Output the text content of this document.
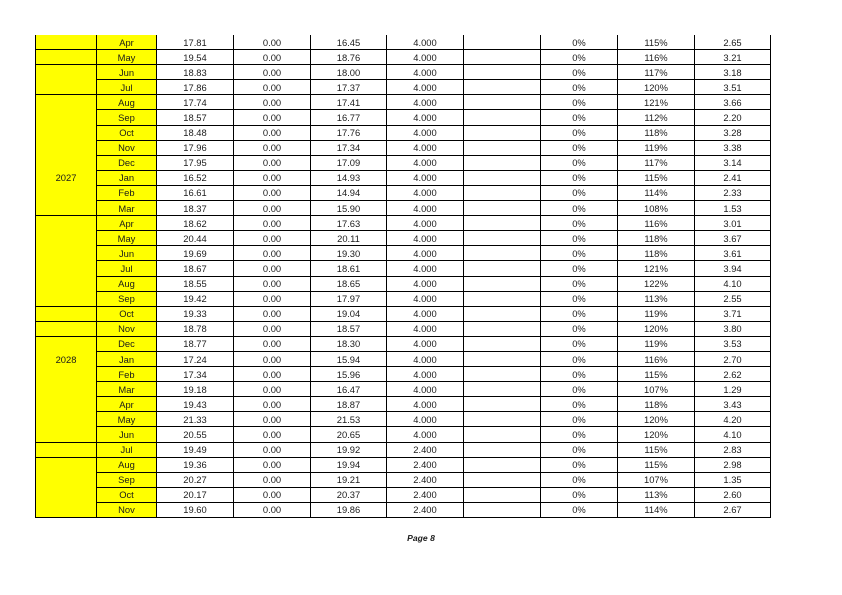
	Apr	17.81	0.00	16.45	4.000		0%	115%	2.65
	May	19.54	0.00	18.76	4.000		0%	116%	3.21
	Jun	18.83	0.00	18.00	4.000		0%	117%	3.18
	Jul	17.86	0.00	17.37	4.000		0%	120%	3.51
	Aug	17.74	0.00	17.41	4.000		0%	121%	3.66
	Sep	18.57	0.00	16.77	4.000		0%	112%	2.20
	Oct	18.48	0.00	17.76	4.000		0%	118%	3.28
	Nov	17.96	0.00	17.34	4.000		0%	119%	3.38
	Dec	17.95	0.00	17.09	4.000		0%	117%	3.14
2027	Jan	16.52	0.00	14.93	4.000		0%	115%	2.41
	Feb	16.61	0.00	14.94	4.000		0%	114%	2.33
	Mar	18.37	0.00	15.90	4.000		0%	108%	1.53
	Apr	18.62	0.00	17.63	4.000		0%	116%	3.01
	May	20.44	0.00	20.11	4.000		0%	118%	3.67
	Jun	19.69	0.00	19.30	4.000		0%	118%	3.61
	Jul	18.67	0.00	18.61	4.000		0%	121%	3.94
	Aug	18.55	0.00	18.65	4.000		0%	122%	4.10
	Sep	19.42	0.00	17.97	4.000		0%	113%	2.55
	Oct	19.33	0.00	19.04	4.000		0%	119%	3.71
	Nov	18.78	0.00	18.57	4.000		0%	120%	3.80
	Dec	18.77	0.00	18.30	4.000		0%	119%	3.53
2028	Jan	17.24	0.00	15.94	4.000		0%	116%	2.70
	Feb	17.34	0.00	15.96	4.000		0%	115%	2.62
	Mar	19.18	0.00	16.47	4.000		0%	107%	1.29
	Apr	19.43	0.00	18.87	4.000		0%	118%	3.43
	May	21.33	0.00	21.53	4.000		0%	120%	4.20
	Jun	20.55	0.00	20.65	4.000		0%	120%	4.10
	Jul	19.49	0.00	19.92	2.400		0%	115%	2.83
	Aug	19.36	0.00	19.94	2.400		0%	115%	2.98
	Sep	20.27	0.00	19.21	2.400		0%	107%	1.35
	Oct	20.17	0.00	20.37	2.400		0%	113%	2.60
	Nov	19.60	0.00	19.86	2.400		0%	114%	2.67
Page 8
